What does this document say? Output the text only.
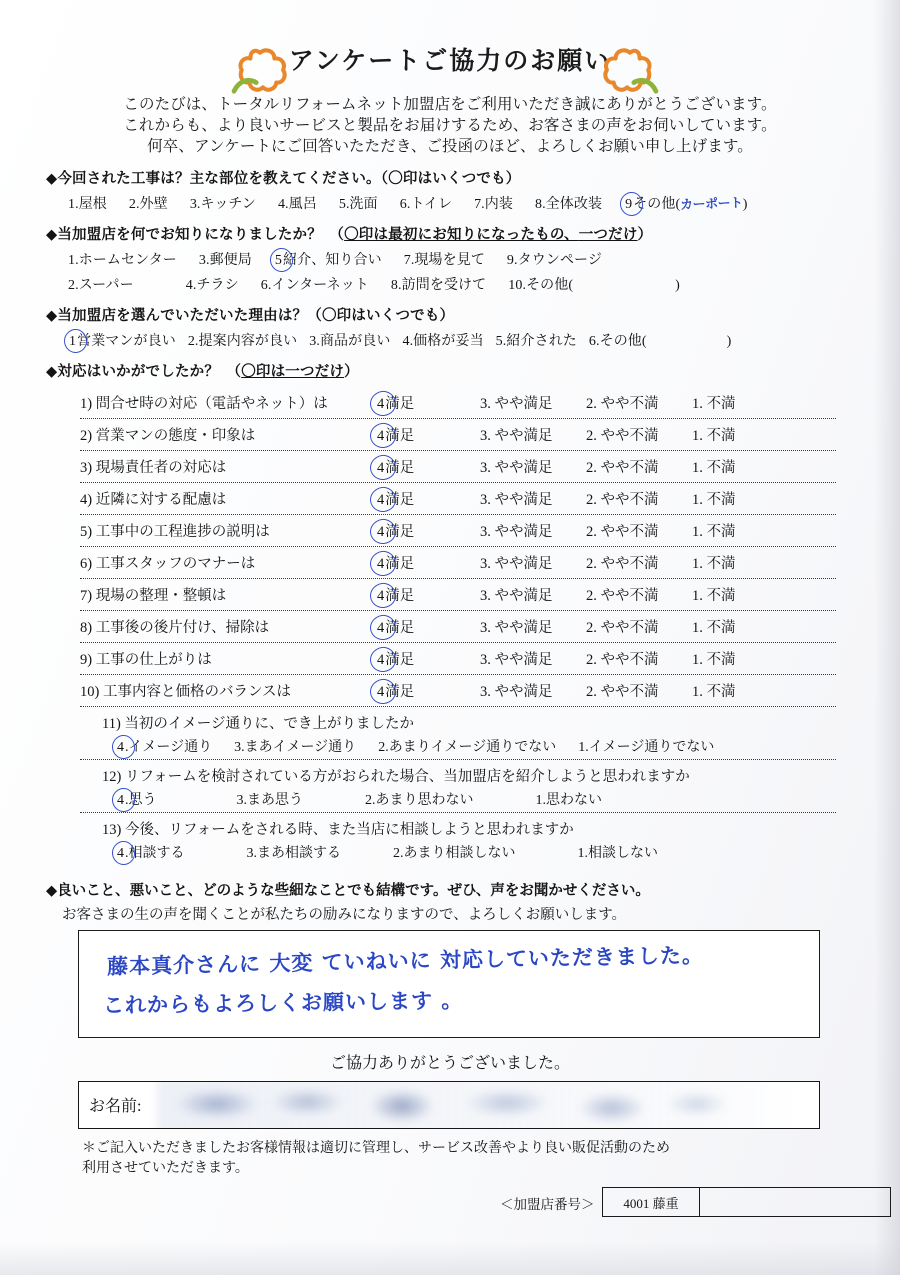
アンケートご協力のお願い
このたびは、トータルリフォームネット加盟店をご利用いただき誠にありがとうございます。
これからも、より良いサービスと製品をお届けするため、お客さまの声をお伺いしています。
何卒、アンケートにご回答いたただき、ご投函のほど、よろしくお願い申し上げます。
◆今回された工事は？主な部位を教えてください。（〇印はいくつでも）
1.屋根 2.外壁 3.キッチン 4.風呂 5.洗面 6.トイレ 7.内装 8.全体改装 9その他(カーポート)
◆当加盟店を何でお知りになりましたか？　（〇印は最初にお知りになったもの、一つだけ）
1.ホームセンター 3.郵便局 5紹介、知り合い 7.現場を見て 9.タウンページ
2.スーパー	4.チラシ 6.インターネット 8.訪問を受けて 10.その他(	)
◆当加盟店を選んでいただいた理由は？（〇印はいくつでも）
1営業マンが良い 2.提案内容が良い 3.商品が良い 4.価格が妥当 5.紹介された 6.その他(	)
◆対応はいかがでしたか？　（〇印は一つだけ）
1) 問合せ時の対応（電話やネット）は	4満足	3. やや満足 2. やや不満 1. 不満
2) 営業マンの態度・印象は	4満足	3. やや満足 2. やや不満 1. 不満
3) 現場責任者の対応は	4満足	3. やや満足 2. やや不満 1. 不満
4) 近隣に対する配慮は	4満足	3. やや満足 2. やや不満 1. 不満
5) 工事中の工程進捗の説明は	4満足	3. やや満足 2. やや不満 1. 不満
6) 工事スタッフのマナーは	4満足	3. やや満足 2. やや不満 1. 不満
7) 現場の整理・整頓は	4満足	3. やや満足 2. やや不満 1. 不満
8) 工事後の後片付け、掃除は	4満足	3. やや満足 2. やや不満 1. 不満
9) 工事の仕上がりは	4満足	3. やや満足 2. やや不満 1. 不満
10) 工事内容と価格のバランスは	4満足	3. やや満足 2. やや不満 1. 不満
11) 当初のイメージ通りに、でき上がりましたか
4.イメージ通り 3.まあイメージ通り 2.あまりイメージ通りでない 1.イメージ通りでない
12) リフォームを検討されている方がおられた場合、当加盟店を紹介しようと思われますか
4.思う	3.まあ思う	2.あまり思わない	1.思わない
13) 今後、リフォームをされる時、また当店に相談しようと思われますか
4.相談する	3.まあ相談する	2.あまり相談しない	1.相談しない
◆良いこと、悪いこと、どのような些細なことでも結構です。ぜひ、声をお聞かせください。
お客さまの生の声を聞くことが私たちの励みになりますので、よろしくお願いします。
藤本真介さんに 大変 ていねいに 対応していただきました。
これからもよろしくお願いします 。
ご協力ありがとうございました。
お名前:
＊ご記入いただきましたお客様情報は適切に管理し、サービス改善やより良い販促活動のため
利用させていただきます。
＜加盟店番号＞	4001 藤重
